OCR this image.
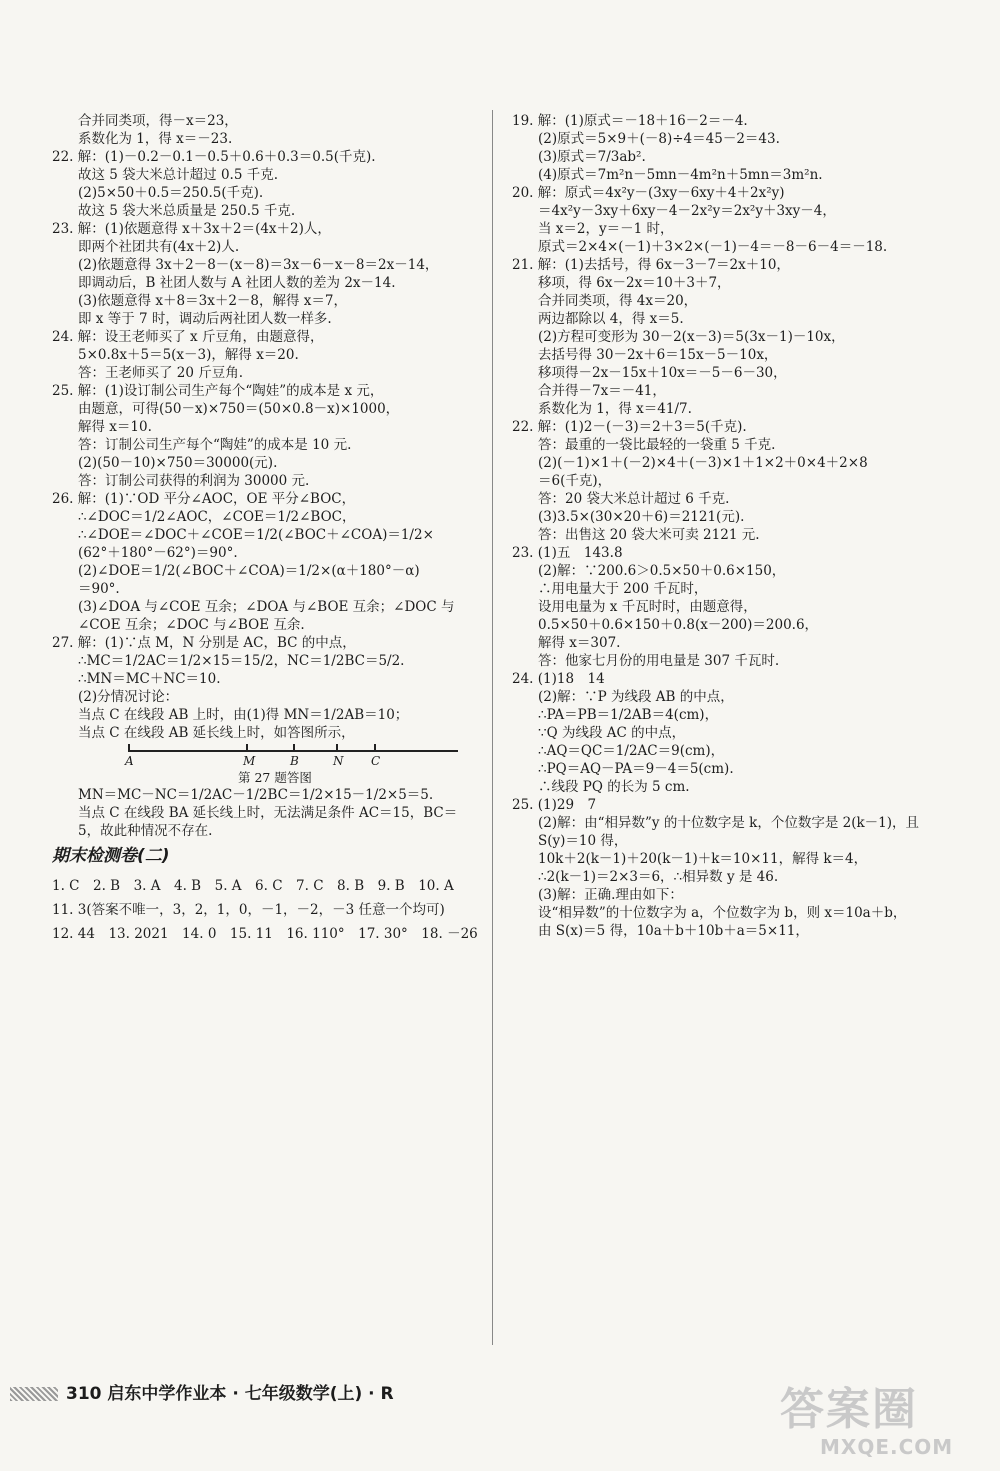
合并同类项，得－x＝23，
系数化为 1，得 x＝－23.
22. 解：(1)－0.2－0.1－0.5＋0.6＋0.3＝0.5(千克).
故这 5 袋大米总计超过 0.5 千克.
(2)5×50＋0.5＝250.5(千克).
故这 5 袋大米总质量是 250.5 千克.
23. 解：(1)依题意得 x＋3x＋2＝(4x＋2)人，
即两个社团共有(4x＋2)人.
(2)依题意得 3x＋2－8－(x－8)＝3x－6－x－8＝2x－14，
即调动后，B 社团人数与 A 社团人数的差为 2x－14.
(3)依题意得 x＋8＝3x＋2－8，解得 x＝7，
即 x 等于 7 时，调动后两社团人数一样多.
24. 解：设王老师买了 x 斤豆角，由题意得，
5×0.8x＋5＝5(x－3)，解得 x＝20.
答：王老师买了 20 斤豆角.
25. 解：(1)设订制公司生产每个“陶娃”的成本是 x 元，
由题意，可得(50－x)×750＝(50×0.8－x)×1000，
解得 x＝10.
答：订制公司生产每个“陶娃”的成本是 10 元.
(2)(50－10)×750＝30000(元).
答：订制公司获得的利润为 30000 元.
26. 解：(1)∵OD 平分∠AOC，OE 平分∠BOC，
∴∠DOC＝1/2∠AOC，∠COE＝1/2∠BOC，
∴∠DOE＝∠DOC＋∠COE＝1/2(∠BOC＋∠COA)＝1/2×
(62°＋180°－62°)＝90°.
(2)∠DOE＝1/2(∠BOC＋∠COA)＝1/2×(α＋180°－α)
＝90°.
(3)∠DOA 与∠COE 互余；∠DOA 与∠BOE 互余；∠DOC 与
∠COE 互余；∠DOC 与∠BOE 互余.
27. 解：(1)∵点 M，N 分别是 AC，BC 的中点，
∴MC＝1/2AC＝1/2×15＝15/2，NC＝1/2BC＝5/2.
∴MN＝MC＋NC＝10.
(2)分情况讨论：
当点 C 在线段 AB 上时，由(1)得 MN＝1/2AB＝10；
当点 C 在线段 AB 延长线上时，如答图所示，
A	M	B	N C
第 27 题答图
MN＝MC－NC＝1/2AC－1/2BC＝1/2×15－1/2×5＝5.
当点 C 在线段 BA 延长线上时，无法满足条件 AC＝15，BC＝
5，故此种情况不存在.
期末检测卷(二)
1. C　2. B　3. A　4. B　5. A　6. C　7. C　8. B　9. B　10. A
11. 3(答案不唯一，3，2，1，0，－1，－2，－3 任意一个均可)
12. 44　13. 2021　14. 0　15. 11　16. 110°　17. 30°　18. －26
19. 解：(1)原式＝－18＋16－2＝－4.
(2)原式＝5×9＋(－8)÷4＝45－2＝43.
(3)原式＝7/3ab².
(4)原式＝7m²n－5mn－4m²n＋5mn＝3m²n.
20. 解：原式＝4x²y－(3xy－6xy＋4＋2x²y)
＝4x²y－3xy＋6xy－4－2x²y＝2x²y＋3xy－4，
当 x＝2，y＝－1 时，
原式＝2×4×(－1)＋3×2×(－1)－4＝－8－6－4＝－18.
21. 解：(1)去括号，得 6x－3－7＝2x＋10，
移项，得 6x－2x＝10＋3＋7，
合并同类项，得 4x＝20，
两边都除以 4，得 x＝5.
(2)方程可变形为 30－2(x－3)＝5(3x－1)－10x，
去括号得 30－2x＋6＝15x－5－10x，
移项得－2x－15x＋10x＝－5－6－30，
合并得－7x＝－41，
系数化为 1，得 x＝41/7.
22. 解：(1)2－(－3)＝2＋3＝5(千克).
答：最重的一袋比最轻的一袋重 5 千克.
(2)(－1)×1＋(－2)×4＋(－3)×1＋1×2＋0×4＋2×8
＝6(千克)，
答：20 袋大米总计超过 6 千克.
(3)3.5×(30×20＋6)＝2121(元).
答：出售这 20 袋大米可卖 2121 元.
23. (1)五　143.8
(2)解：∵200.6＞0.5×50＋0.6×150，
∴用电量大于 200 千瓦时，
设用电量为 x 千瓦时时，由题意得，
0.5×50＋0.6×150＋0.8(x－200)＝200.6，
解得 x＝307.
答：他家七月份的用电量是 307 千瓦时.
24. (1)18　14
(2)解：∵P 为线段 AB 的中点，
∴PA＝PB＝1/2AB＝4(cm)，
∵Q 为线段 AC 的中点，
∴AQ＝QC＝1/2AC＝9(cm)，
∴PQ＝AQ－PA＝9－4＝5(cm).
∴线段 PQ 的长为 5 cm.
25. (1)29　7
(2)解：由“相异数”y 的十位数字是 k，个位数字是 2(k－1)，且
S(y)＝10 得，
10k＋2(k－1)＋20(k－1)＋k＝10×11，解得 k＝4，
∴2(k－1)＝2×3＝6，∴相异数 y 是 46.
(3)解：正确.理由如下：
设“相异数”的十位数字为 a，个位数字为 b，则 x＝10a＋b，
由 S(x)＝5 得，10a＋b＋10b＋a＝5×11，
310 启东中学作业本 · 七年级数学(上) · R	答案圈
MXQE.COM
